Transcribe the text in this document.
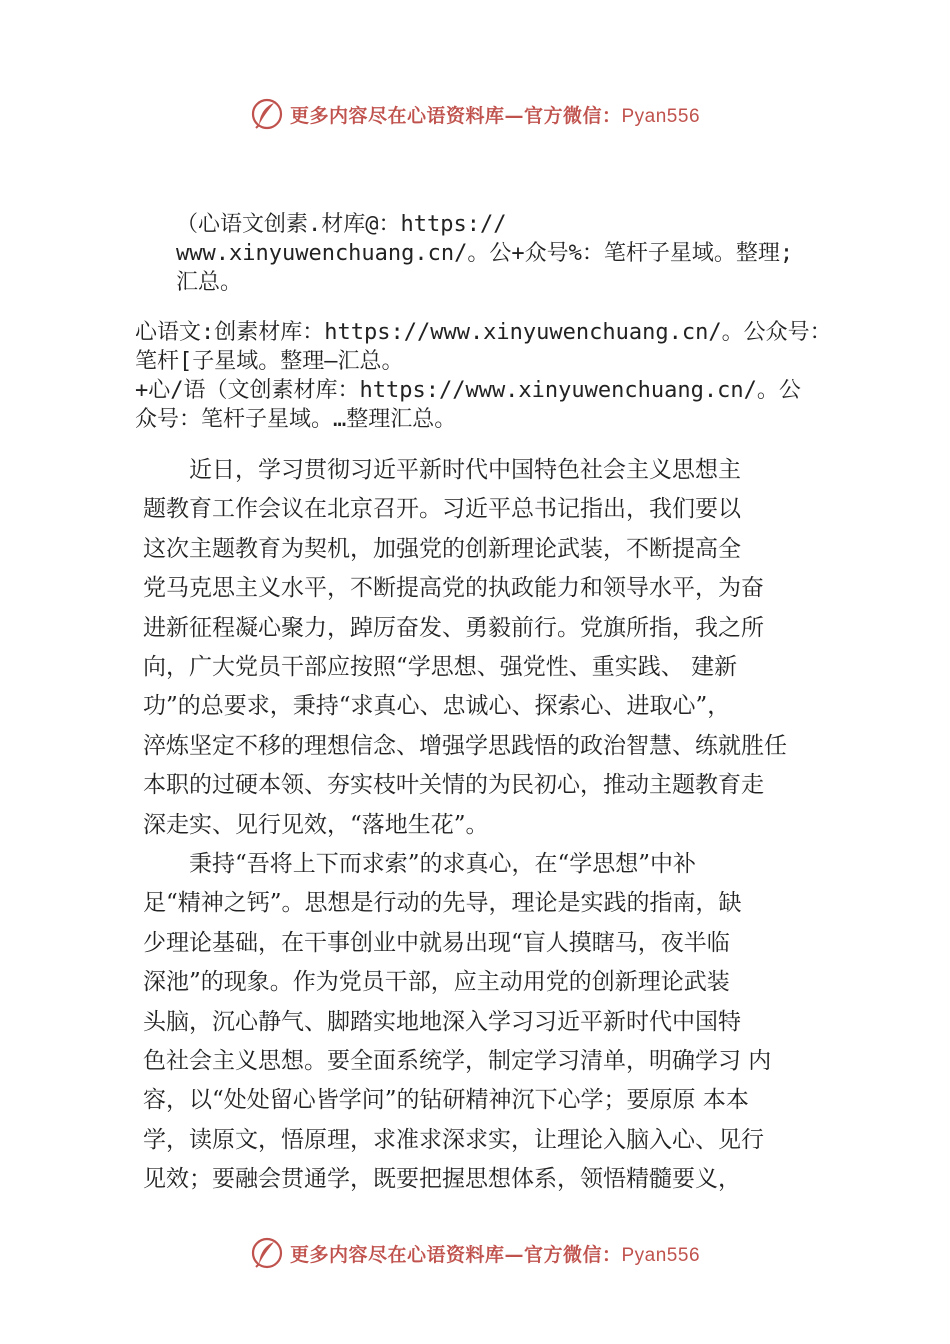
更多内容尽在心语资料库—官方微信：Pyan556
（心语文创素.材库@：https://
www.xinyuwenchuang.cn/。公+众号%：笔杆子星域。整理;
汇总。
心语文:创素材库：https://www.xinyuwenchuang.cn/。公众号：
笔杆[子星域。整理—汇总。
+心/语（文创素材库：https://www.xinyuwenchuang.cn/。公
众号：笔杆子星域。…整理汇总。
近日，学习贯彻习近平新时代中国特色社会主义思想主
题教育工作会议在北京召开。习近平总书记指出，我们要以
这次主题教育为契机，加强党的创新理论武装，不断提高全
党马克思主义水平，不断提高党的执政能力和领导水平，为奋
进新征程凝心聚力，踔厉奋发、勇毅前行。党旗所指，我之所
向，广大党员干部应按照“学思想、强党性、重实践、 建新
功”的总要求，秉持“求真心、忠诚心、探索心、进取心”，
淬炼坚定不移的理想信念、增强学思践悟的政治智慧、练就胜任
本职的过硬本领、夯实枝叶关情的为民初心，推动主题教育走
深走实、见行见效，“落地生花”。
秉持“吾将上下而求索”的求真心，在“学思想”中补
足“精神之钙”。思想是行动的先导，理论是实践的指南，缺
少理论基础，在干事创业中就易出现“盲人摸瞎马，夜半临
深池”的现象。作为党员干部，应主动用党的创新理论武装
头脑，沉心静气、脚踏实地地深入学习习近平新时代中国特
色社会主义思想。要全面系统学，制定学习清单，明确学习 内
容，以“处处留心皆学问”的钻研精神沉下心学；要原原 本本
学，读原文，悟原理，求准求深求实，让理论入脑入心、见行
见效；要融会贯通学，既要把握思想体系，领悟精髓要义，
更多内容尽在心语资料库—官方微信：Pyan556
